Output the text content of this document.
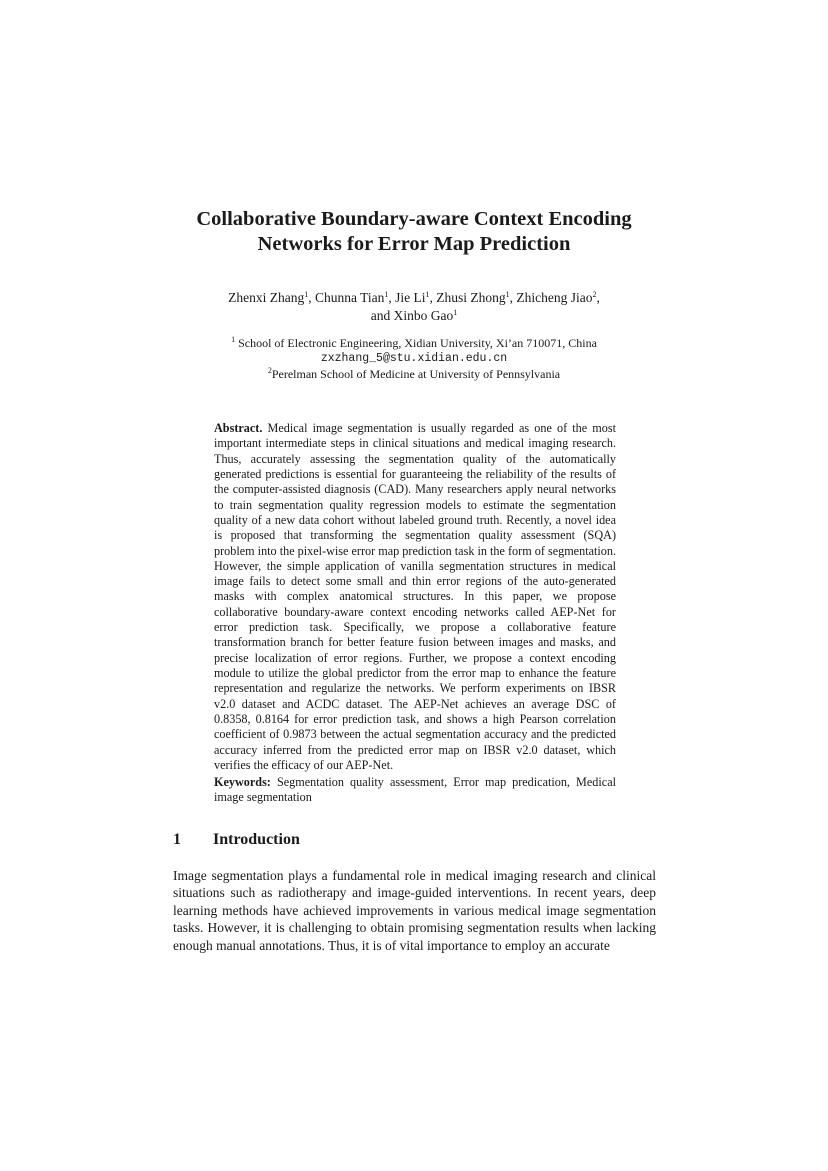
Collaborative Boundary-aware Context Encoding
Networks for Error Map Prediction
Zhenxi Zhang$^1$, Chunna Tian$^1$, Jie Li$^1$, Zhusi Zhong$^1$, Zhicheng Jiao$^2$,
and Xinbo Gao$^1$
$^1$ School of Electronic Engineering, Xidian University, Xi’an 710071, China
zxzhang_5@stu.xidian.edu.cn
$^2$Perelman School of Medicine at University of Pennsylvania
Abstract. Medical image segmentation is usually regarded as one of the most important intermediate steps in clinical situations and medical imaging research. Thus, accurately assessing the segmentation quality of the automatically generated predictions is essential for guaranteeing the reliability of the results of the computer-assisted diagnosis (CAD). Many researchers apply neural networks to train segmentation quality regression models to estimate the segmentation quality of a new data cohort without labeled ground truth. Recently, a novel idea is proposed that transforming the segmentation quality assessment (SQA) problem into the pixel-wise error map prediction task in the form of segmentation. However, the simple application of vanilla segmentation structures in medical image fails to detect some small and thin error regions of the auto-generated masks with complex anatomical structures. In this paper, we propose collaborative boundary-aware context encoding networks called AEP-Net for error prediction task. Specifically, we propose a collaborative feature transformation branch for better feature fusion between images and masks, and precise localization of error regions. Further, we propose a context encoding module to utilize the global predictor from the error map to enhance the feature representation and regularize the networks. We perform experiments on IBSR v2.0 dataset and ACDC dataset. The AEP-Net achieves an average DSC of 0.8358, 0.8164 for error prediction task, and shows a high Pearson correlation coefficient of 0.9873 between the actual segmentation accuracy and the predicted accuracy inferred from the predicted error map on IBSR v2.0 dataset, which verifies the efficacy of our AEP-Net.
Keywords: Segmentation quality assessment, Error map predication, Medical image segmentation
1 Introduction
Image segmentation plays a fundamental role in medical imaging research and clinical situations such as radiotherapy and image-guided interventions. In recent years, deep learning methods have achieved improvements in various medical image segmentation tasks. However, it is challenging to obtain promising segmentation results when lacking enough manual annotations. Thus, it is of vital importance to employ an accurate
